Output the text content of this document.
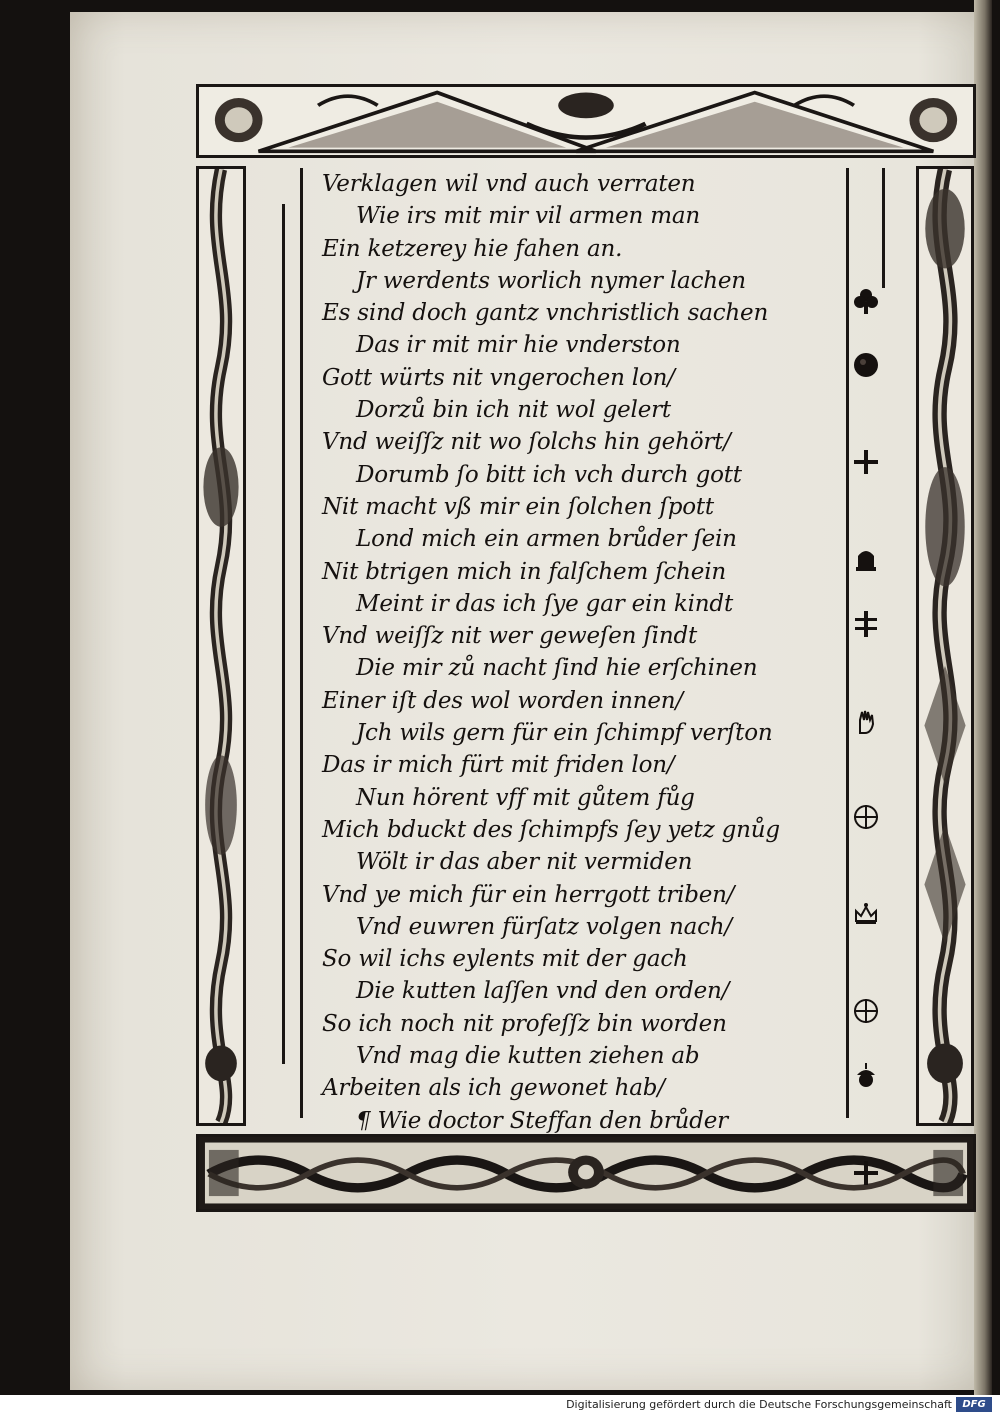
Verklagen wil vnd auch verraten
Wie irs mit mir vil armen man
Ein ketzerey hie fahen an.
Jr werdents worlich nymer lachen
Es sind doch gantz vnchristlich sachen
Das ir mit mir hie vnderston
Gott würts nit vngerochen lon/
Dorzů bin ich nit wol gelert
Vnd weiſſz nit wo ſolchs hin gehört/
Dorumb ſo bitt ich vch durch gott
Nit macht vß mir ein ſolchen ſpott
Lond mich ein armen brůder ſein
Nit btrigen mich in falſchem ſchein
Meint ir das ich ſye gar ein kindt
Vnd weiſſz nit wer geweſen ſindt
Die mir zů nacht ſind hie erſchinen
Einer iſt des wol worden innen/
Jch wils gern für ein ſchimpf verſton
Das ir mich fürt mit friden lon/
Nun hörent vff mit gůtem fůg
Mich bduckt des ſchimpfs ſey yetz gnůg
Wölt ir das aber nit vermiden
Vnd ye mich für ein herrgott triben/
Vnd euwren fürſatz volgen nach/
So wil ichs eylents mit der gach
Die kutten laſſen vnd den orden/
So ich noch nit profeſſz bin worden
Vnd mag die kutten ziehen ab
Arbeiten als ich gewonet hab/
¶ Wie doctor Steffan den brůder
Digitalisierung gefördert durch die Deutsche Forschungsgemeinschaft	DFG
